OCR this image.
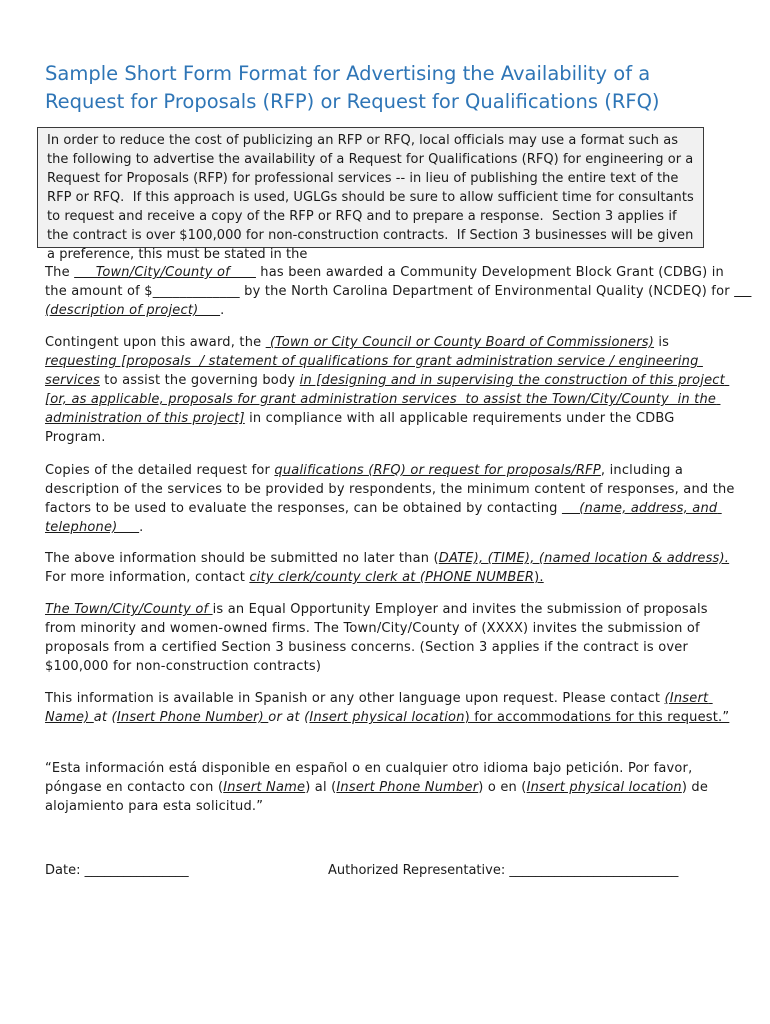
Sample Short Form Format for Advertising the Availability of a Request for Proposals (RFP) or Request for Qualifications (RFQ)
In order to reduce the cost of publicizing an RFP or RFQ, local officials may use a format such as the following to advertise the availability of a Request for Qualifications (RFQ) for engineering or a Request for Proposals (RFP) for professional services -- in lieu of publishing the entire text of the RFP or RFQ.  If this approach is used, UGLGs should be sure to allow sufficient time for consultants to request and receive a copy of the RFP or RFQ and to prepare a response.  Section 3 applies if the contract is over $100,000 for non-construction contracts.  If Section 3 businesses will be given a preference, this must be stated in the
The      Town/City/County of       has been awarded a Community Development Block Grant (CDBG) in the amount of $_____________ by the North Carolina Department of Environmental Quality (NCDEQ) for     (description of project)     .
Contingent upon this award, the  (Town or City Council or County Board of Commissioners) is requesting [proposals  / statement of qualifications for grant administration service / engineering services to assist the governing body in [designing and in supervising the construction of this project [or, as applicable, proposals for grant administration services  to assist the Town/City/County  in the administration of this project] in compliance with all applicable requirements under the CDBG Program.
Copies of the detailed request for qualifications (RFQ) or request for proposals/RFP, including a description of the services to be provided by respondents, the minimum content of responses, and the factors to be used to evaluate the responses, can be obtained by contacting     (name, address, and telephone)     .
The above information should be submitted no later than (DATE), (TIME), (named location & address). For more information, contact city clerk/county clerk at (PHONE NUMBER).
The Town/City/County of is an Equal Opportunity Employer and invites the submission of proposals from minority and women-owned firms. The Town/City/County of (XXXX) invites the submission of proposals from a certified Section 3 business concerns. (Section 3 applies if the contract is over $100,000 for non-construction contracts)
This information is available in Spanish or any other language upon request. Please contact (Insert Name) at (Insert Phone Number) or at (Insert physical location) for accommodations for this request.”
“Esta información está disponible en español o en cualquier otro idioma bajo petición. Por favor, póngase en contacto con (Insert Name) al (Insert Phone Number) o en (Insert physical location) de alojamiento para esta solicitud.”
Date: ________________	Authorized Representative: __________________________
